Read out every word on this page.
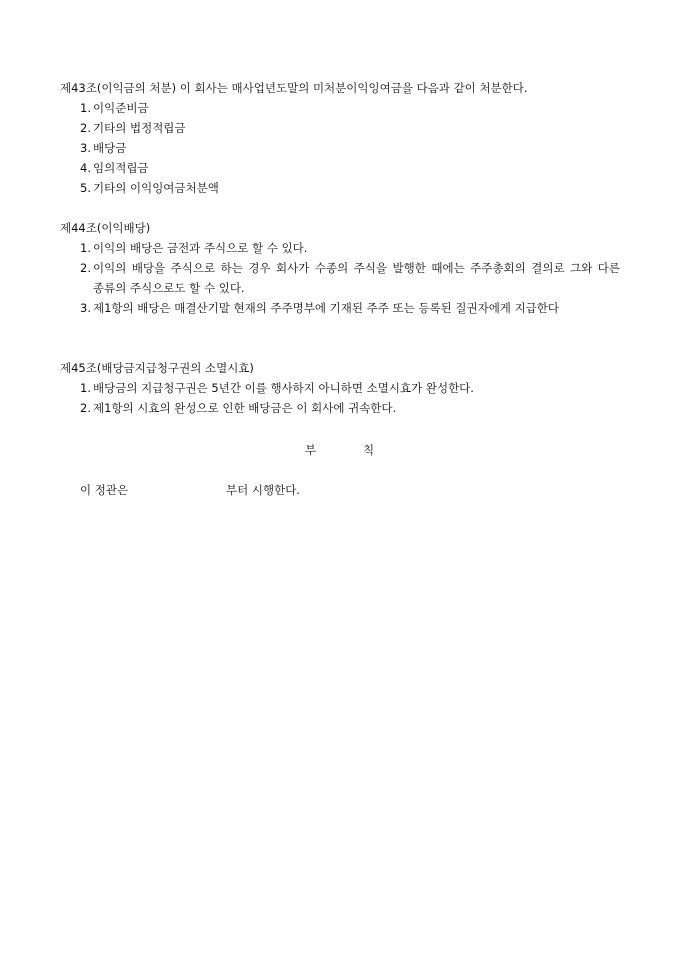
제43조(이익금의 처분) 이 회사는 매사업년도말의 미처분이익잉여금을 다음과 같이 처분한다.
1. 이익준비금
2. 기타의 법정적립금
3. 배당금
4. 임의적립금
5. 기타의 이익잉여금처분액
제44조(이익배당)
1. 이익의 배당은 금전과 주식으로 할 수 있다.
2. 이익의 배당을 주식으로 하는 경우 회사가 수종의 주식을 발행한 때에는 주주총회의 결의로 그와 다른 종류의 주식으로도 할 수 있다.
3. 제1항의 배당은 매결산기말 현재의 주주명부에 기재된 주주 또는 등록된 질권자에게 지급한다
제45조(배당금지급청구권의 소멸시효)
1. 배당금의 지급청구권은 5년간 이를 행사하지 아니하면 소멸시효가 완성한다.
2. 제1항의 시효의 완성으로 인한 배당금은 이 회사에 귀속한다.
부	칙
이 정관은	부터 시행한다.
